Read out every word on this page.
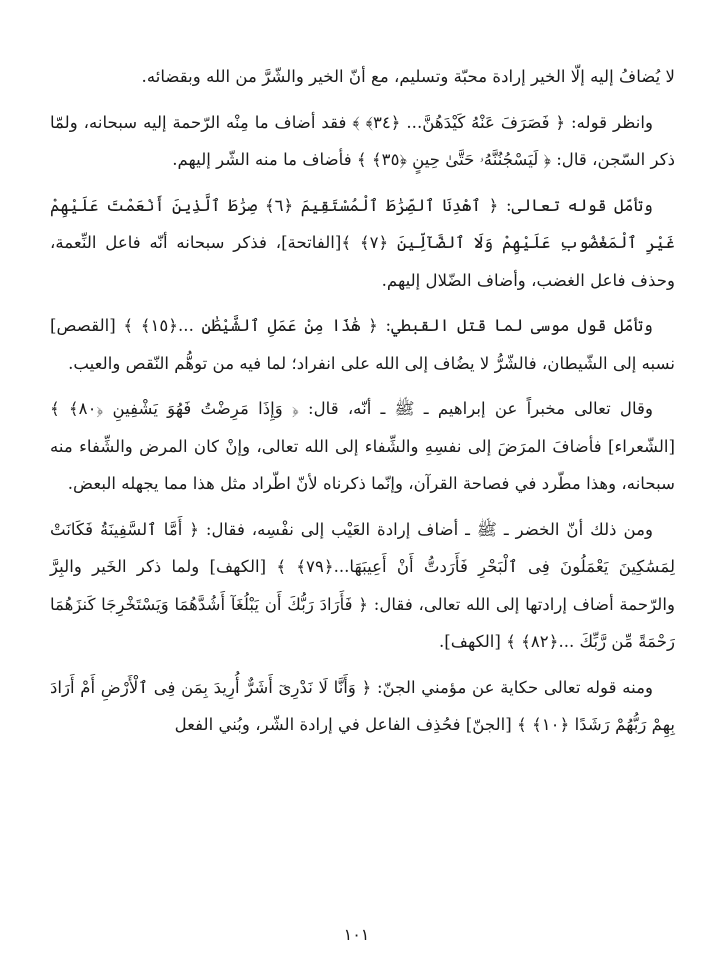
لا يُضافُ إليه إلّا الخير إرادة محبّة وتسليم، مع أنّ الخير والشّرَّ من الله وبقضائه.

وانظر قوله: ﴿ فَصَرَفَ عَنْهُ كَيْدَهُنَّ... ﴿٣٤﴾ ﴾ فقد أضاف ما مِنْه الرّحمة إليه سبحانه، ولمّا ذكر السّجن، قال: ﴿ لَيَسْجُنُنَّهُۥ حَتَّىٰ حِينٍ ﴿٣٥﴾ ﴾ فأضاف ما منه الشّر إليهم.

وتأمّل قوله تعالى: ﴿ ٱهْدِنَا ٱلصِّرَٰطَ ٱلْمُسْتَقِيمَ ﴿٦﴾ صِرَٰطَ ٱلَّذِينَ أَنْعَمْتَ عَلَيْهِمْ غَيْرِ ٱلْمَغْضُوبِ عَلَيْهِمْ وَلَا ٱلضَّآلِّينَ ﴿٧﴾ ﴾[الفاتحة]، فذكر سبحانه أنّه فاعل النِّعمة، وحذف فاعل الغضب، وأضاف الضّلال إليهم.

وتأمّل قول موسى لما قتل القبطي: ﴿ هَٰذَا مِنْ عَمَلِ ٱلشَّيْطَٰنِ ...﴿١٥﴾ ﴾ [القصص] نسبه إلى الشّيطان، فالشّرُّ لا يضُاف إلى الله على انفراد؛ لما فيه من توهُّم النّقص والعيب.

وقال تعالى مخبراً عن إبراهيم ـ ﷺ ـ أنّه، قال: ﴿ وَإِذَا مَرِضْتُ فَهُوَ يَشْفِينِ ﴿٨٠﴾ ﴾ [الشّعراء] فأضافَ المرَضَ إلى نفسِهِ والشِّفاء إلى الله تعالى، وإنْ كان المرض والشِّفاء منه سبحانه، وهذا مطّرد في فصاحة القرآن، وإنّما ذكرناه لأنّ اطّراد مثل هذا مما يجهله البعض.

ومن ذلك أنّ الخضر ـ ﷺ ـ أضاف إرادة العَيْب إلى نفْسِه، فقال: ﴿ أَمَّا ٱلسَّفِينَةُ فَكَانَتْ لِمَسَٰكِينَ يَعْمَلُونَ فِى ٱلْبَحْرِ فَأَرَدتُّ أَنْ أَعِيبَهَا...﴿٧٩﴾ ﴾ [الكهف] ولما ذكر الخَير والبِرَّ والرّحمة أضاف إرادتها إلى الله تعالى، فقال: ﴿ فَأَرَادَ رَبُّكَ أَن يَبْلُغَآ أَشُدَّهُمَا وَيَسْتَخْرِجَا كَنزَهُمَا رَحْمَةً مِّن رَّبِّكَ ...﴿٨٢﴾ ﴾ [الكهف].

ومنه قوله تعالى حكاية عن مؤمني الجنّ: ﴿ وَأَنَّا لَا نَدْرِىٓ أَشَرٌّ أُرِيدَ بِمَن فِى ٱلْأَرْضِ أَمْ أَرَادَ بِهِمْ رَبُّهُمْ رَشَدًا ﴿١٠﴾ ﴾ [الجنّ] فحُذِف الفاعل في إرادة الشّر، وبُني الفعل

١٠١
